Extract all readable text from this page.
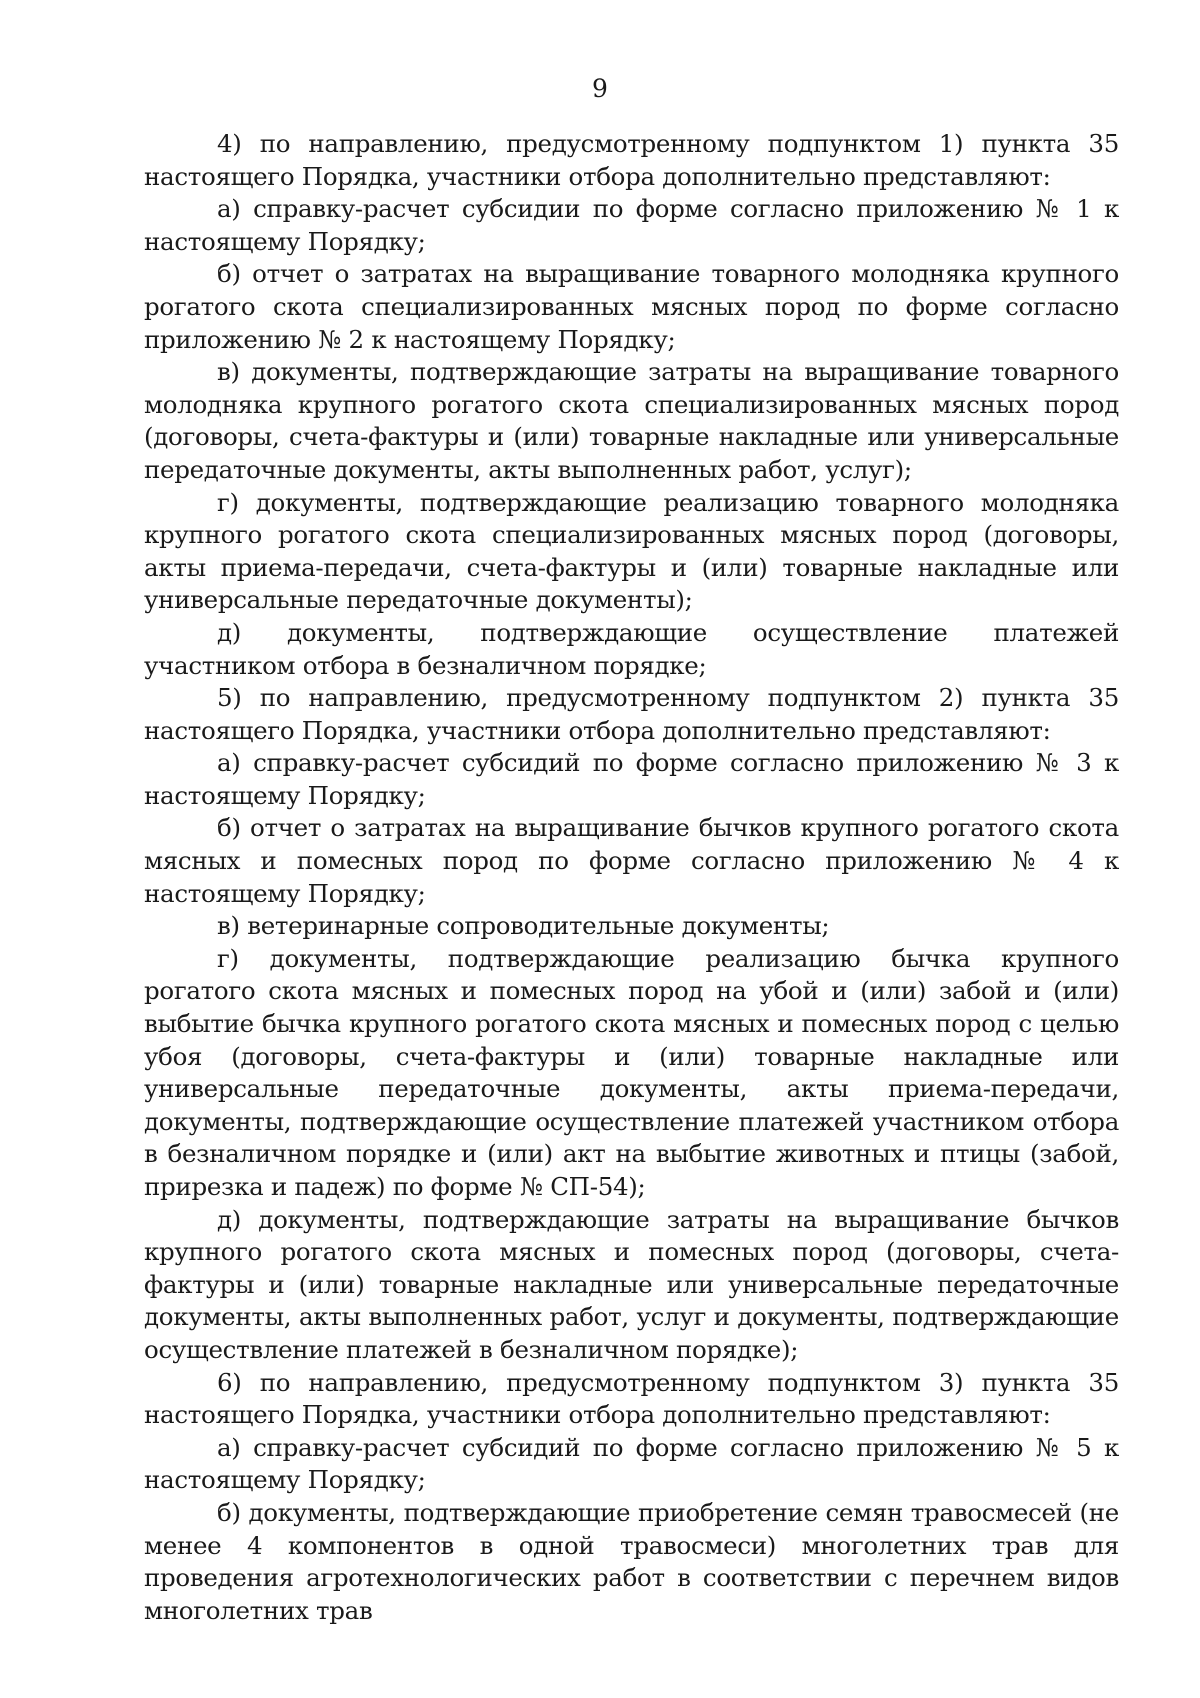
9

4) по направлению, предусмотренному подпунктом 1) пункта 35 настоящего Порядка, участники отбора дополнительно представляют:

а) справку-расчет субсидии по форме согласно приложению № 1 к настоящему Порядку;

б) отчет о затратах на выращивание товарного молодняка крупного рогатого скота специализированных мясных пород по форме согласно приложению № 2 к настоящему Порядку;

в) документы, подтверждающие затраты на выращивание товарного молодняка крупного рогатого скота специализированных мясных пород (договоры, счета-фактуры и (или) товарные накладные или универсальные передаточные документы, акты выполненных работ, услуг);

г) документы, подтверждающие реализацию товарного молодняка крупного рогатого скота специализированных мясных пород (договоры, акты приема-передачи, счета-фактуры и (или) товарные накладные или универсальные передаточные документы);

д) документы, подтверждающие осуществление платежей участником отбора в безналичном порядке;

5) по направлению, предусмотренному подпунктом 2) пункта 35 настоящего Порядка, участники отбора дополнительно представляют:

а) справку-расчет субсидий по форме согласно приложению № 3 к настоящему Порядку;

б) отчет о затратах на выращивание бычков крупного рогатого скота мясных и помесных пород по форме согласно приложению № 4 к настоящему Порядку;

в) ветеринарные сопроводительные документы;

г) документы, подтверждающие реализацию бычка крупного рогатого скота мясных и помесных пород на убой и (или) забой и (или) выбытие бычка крупного рогатого скота мясных и помесных пород с целью убоя (договоры, счета-фактуры и (или) товарные накладные или универсальные передаточные документы, акты приема-передачи, документы, подтверждающие осуществление платежей участником отбора в безналичном порядке и (или) акт на выбытие животных и птицы (забой, прирезка и падеж) по форме № СП-54);

д) документы, подтверждающие затраты на выращивание бычков крупного рогатого скота мясных и помесных пород (договоры, счета-фактуры и (или) товарные накладные или универсальные передаточные документы, акты выполненных работ, услуг и документы, подтверждающие осуществление платежей в безналичном порядке);

6) по направлению, предусмотренному подпунктом 3) пункта 35 настоящего Порядка, участники отбора дополнительно представляют:

а) справку-расчет субсидий по форме согласно приложению № 5 к настоящему Порядку;

б) документы, подтверждающие приобретение семян травосмесей (не менее 4 компонентов в одной травосмеси) многолетних трав для проведения агротехнологических работ в соответствии с перечнем видов многолетних трав
